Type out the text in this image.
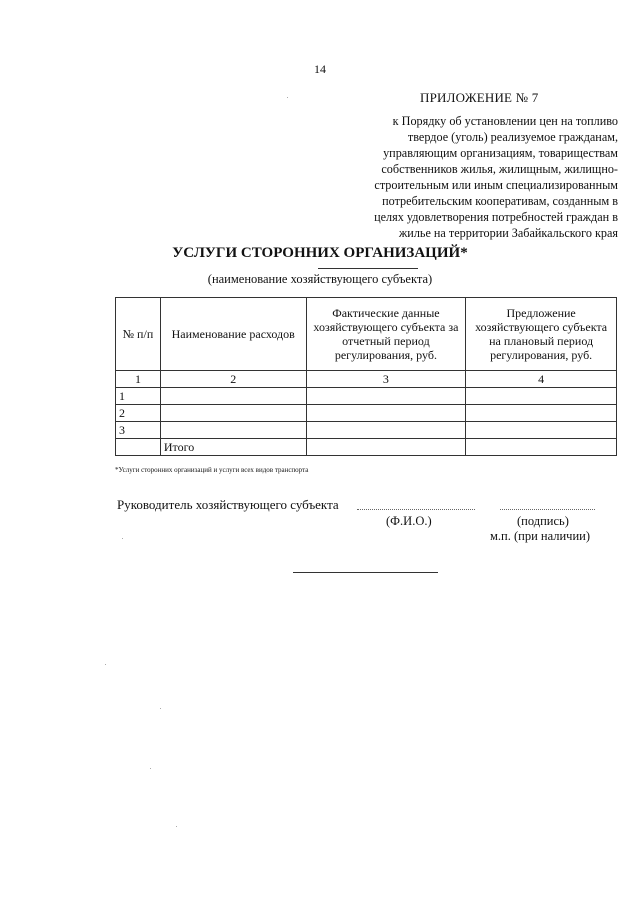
14
ПРИЛОЖЕНИЕ № 7
к Порядку об установлении цен на топливо
твердое (уголь) реализуемое гражданам,
управляющим организациям, товариществам
собственников жилья, жилищным, жилищно-
строительным или иным специализированным
потребительским кооперативам, созданным в
целях удовлетворения потребностей граждан в
жилье на территории Забайкальского края
УСЛУГИ СТОРОННИХ ОРГАНИЗАЦИЙ*
(наименование хозяйствующего субъекта)
№ п/п	Наименование расходов	Фактические данные хозяйствующего субъекта за отчетный период регулирования, руб.	Предложение хозяйствующего субъекта на плановый период регулирования, руб.
1	2	3	4
1			
2			
3			
	Итого		
*Услуги сторонних организаций и услуги всех видов транспорта
Руководитель хозяйствующего субъекта
(Ф.И.О.)	(подпись)
м.п. (при наличии)
